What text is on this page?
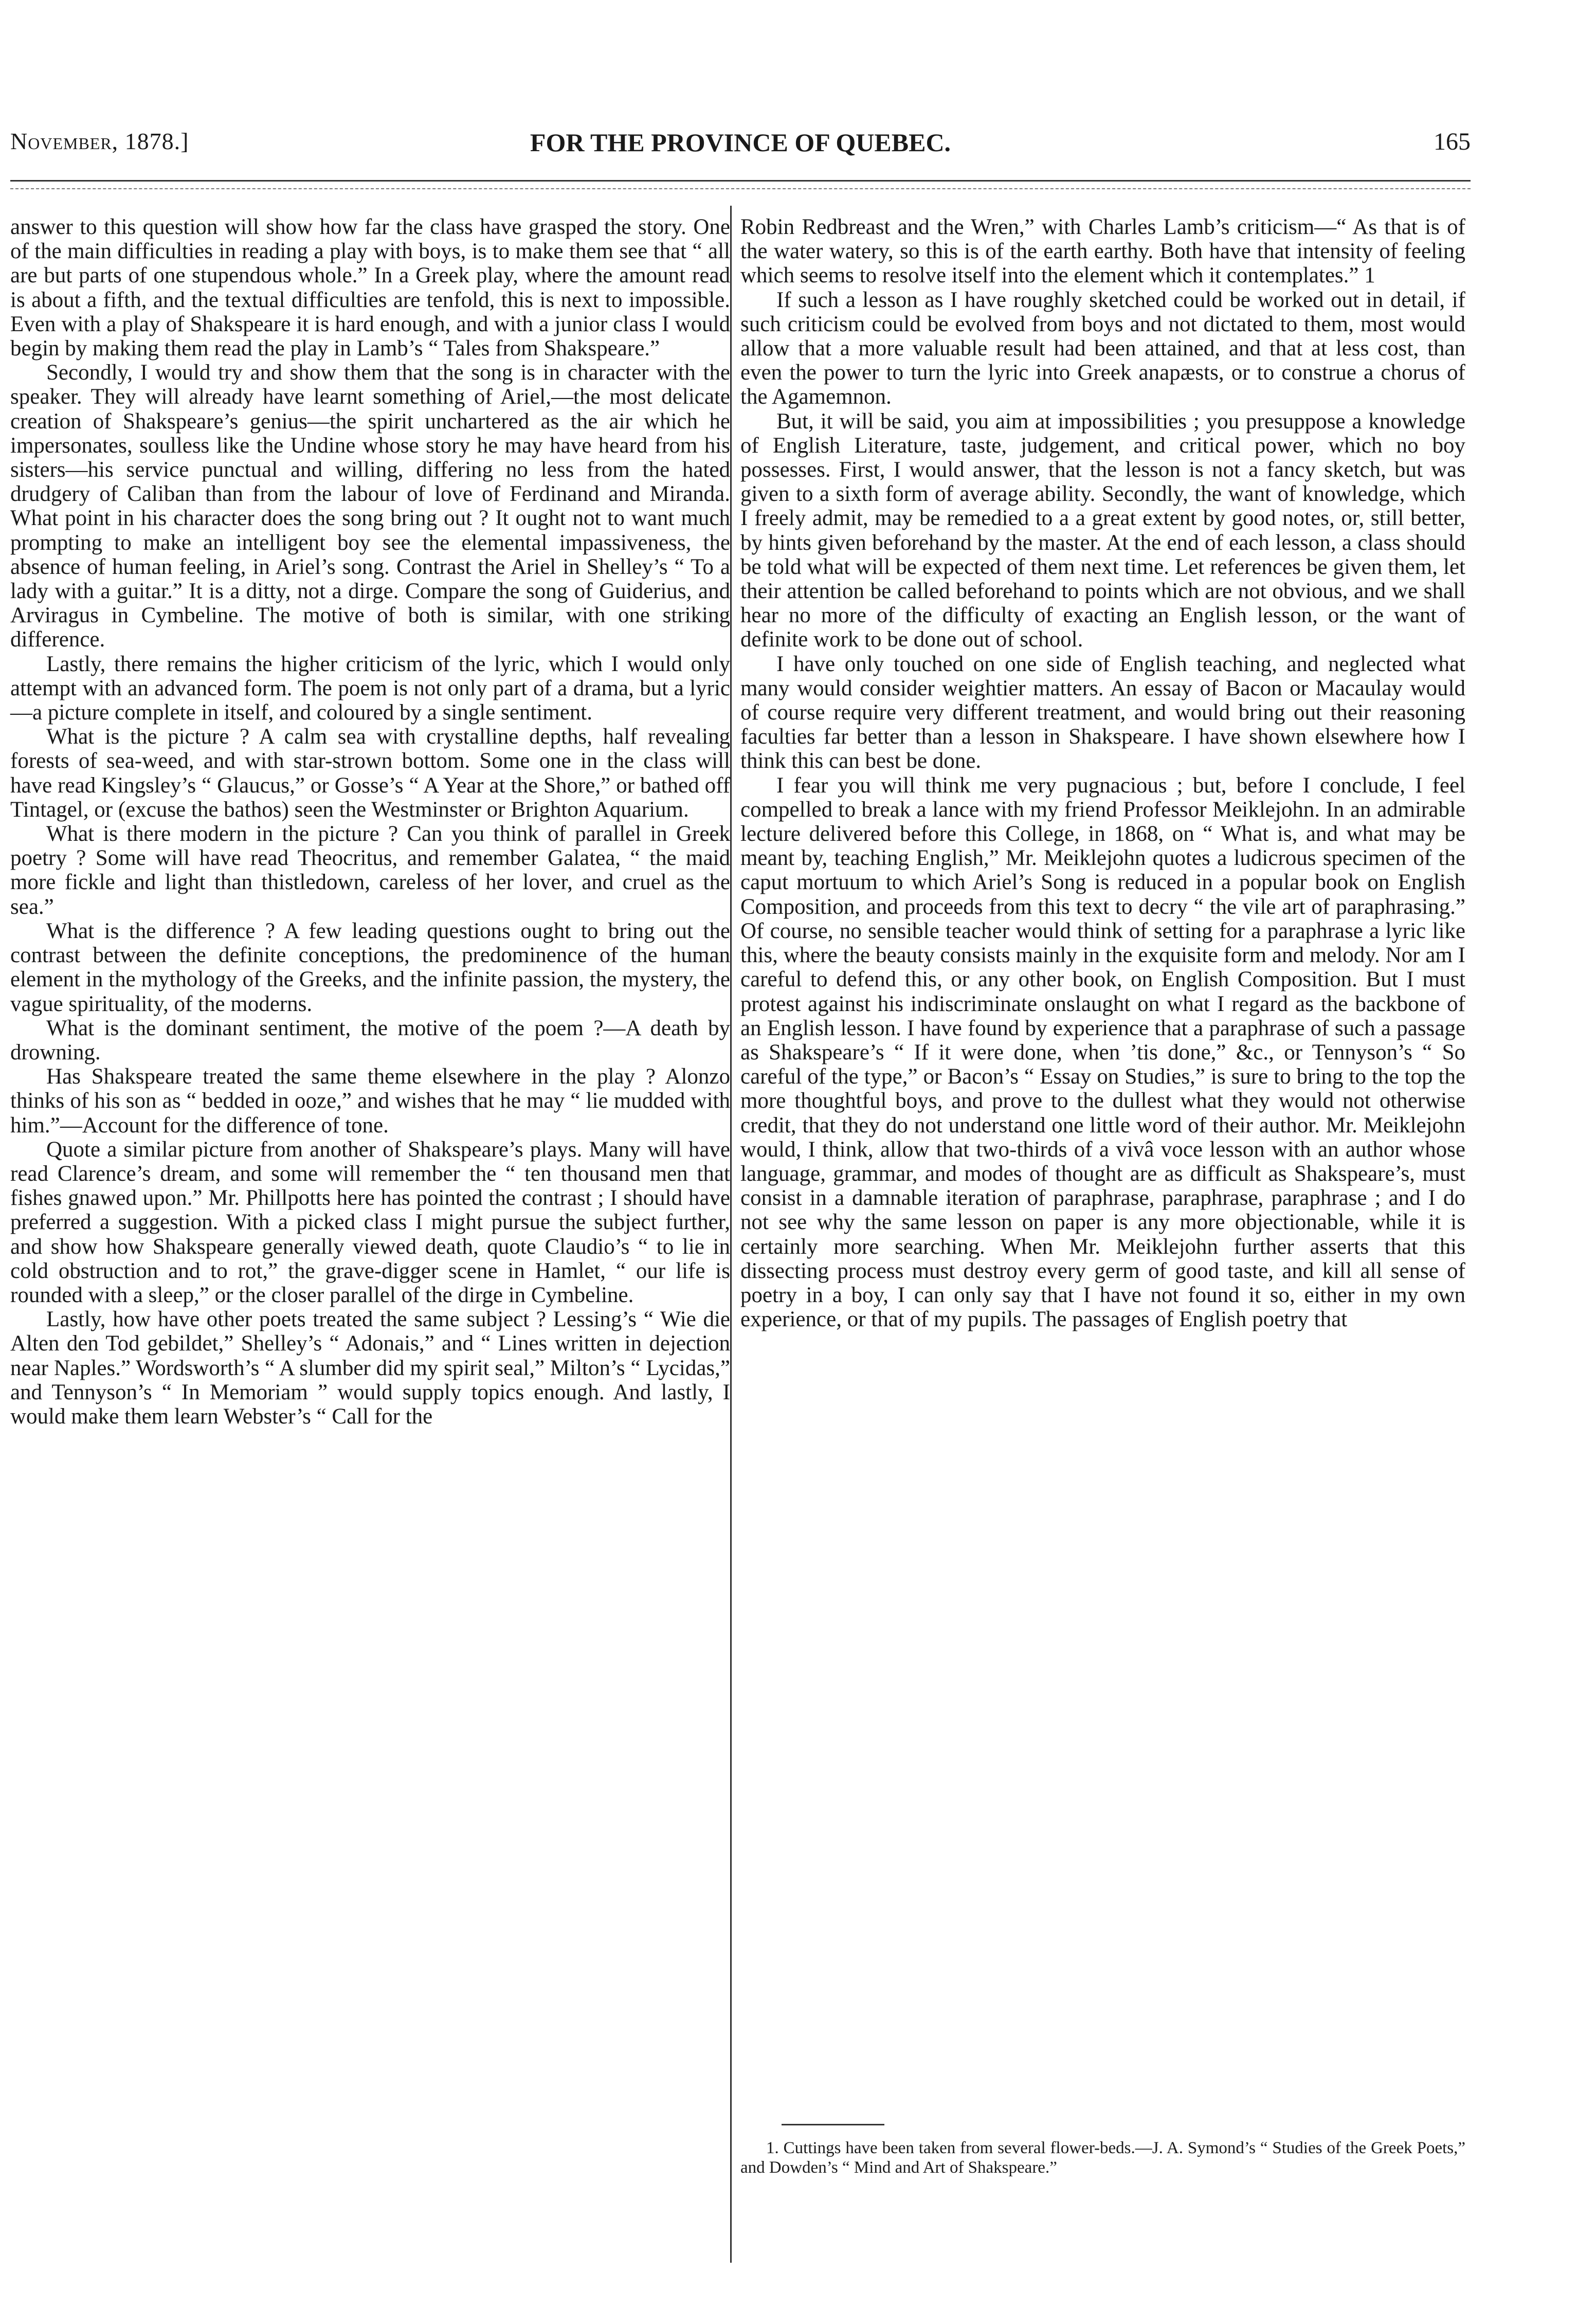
November, 1878.]	FOR THE PROVINCE OF QUEBEC.	165

answer to this question will show how far the class have grasped the story. One of the main difficulties in reading a play with boys, is to make them see that “ all are but parts of one stupendous whole.” In a Greek play, where the amount read is about a fifth, and the textual difficulties are tenfold, this is next to impossible. Even with a play of Shakspeare it is hard enough, and with a junior class I would begin by making them read the play in Lamb’s “ Tales from Shakspeare.”

Secondly, I would try and show them that the song is in character with the speaker. They will already have learnt something of Ariel,—the most delicate creation of Shakspeare’s genius—the spirit unchartered as the air which he impersonates, soulless like the Undine whose story he may have heard from his sisters—his service punctual and willing, differing no less from the hated drudgery of Caliban than from the labour of love of Ferdinand and Miranda. What point in his character does the song bring out ? It ought not to want much prompting to make an intelligent boy see the elemental impassiveness, the absence of human feeling, in Ariel’s song. Contrast the Ariel in Shelley’s “ To a lady with a guitar.” It is a ditty, not a dirge. Compare the song of Guiderius, and Arviragus in Cymbeline. The motive of both is similar, with one striking difference.

Lastly, there remains the higher criticism of the lyric, which I would only attempt with an advanced form. The poem is not only part of a drama, but a lyric—a picture complete in itself, and coloured by a single sentiment.

What is the picture ? A calm sea with crystalline depths, half revealing forests of sea-weed, and with star-strown bottom. Some one in the class will have read Kingsley’s “ Glaucus,” or Gosse’s “ A Year at the Shore,” or bathed off Tintagel, or (excuse the bathos) seen the Westminster or Brighton Aquarium.

What is there modern in the picture ? Can you think of parallel in Greek poetry ? Some will have read Theocritus, and remember Galatea, “ the maid more fickle and light than thistledown, careless of her lover, and cruel as the sea.”

What is the difference ? A few leading questions ought to bring out the contrast between the definite conceptions, the predominence of the human element in the mythology of the Greeks, and the infinite passion, the mystery, the vague spirituality, of the moderns.

What is the dominant sentiment, the motive of the poem ?—A death by drowning.

Has Shakspeare treated the same theme elsewhere in the play ? Alonzo thinks of his son as “ bedded in ooze,” and wishes that he may “ lie mudded with him.”—Account for the difference of tone.

Quote a similar picture from another of Shakspeare’s plays. Many will have read Clarence’s dream, and some will remember the “ ten thousand men that fishes gnawed upon.” Mr. Phillpotts here has pointed the contrast ; I should have preferred a suggestion. With a picked class I might pursue the subject further, and show how Shakspeare generally viewed death, quote Claudio’s “ to lie in cold obstruction and to rot,” the grave-digger scene in Hamlet, “ our life is rounded with a sleep,” or the closer parallel of the dirge in Cymbeline.

Lastly, how have other poets treated the same subject ? Lessing’s “ Wie die Alten den Tod gebildet,” Shelley’s “ Adonais,” and “ Lines written in dejection near Naples.” Wordsworth’s “ A slumber did my spirit seal,” Milton’s “ Lycidas,” and Tennyson’s “ In Memoriam ” would supply topics enough. And lastly, I would make them learn Webster’s “ Call for the

Robin Redbreast and the Wren,” with Charles Lamb’s criticism—“ As that is of the water watery, so this is of the earth earthy. Both have that intensity of feeling which seems to resolve itself into the element which it contemplates.” 1

If such a lesson as I have roughly sketched could be worked out in detail, if such criticism could be evolved from boys and not dictated to them, most would allow that a more valuable result had been attained, and that at less cost, than even the power to turn the lyric into Greek anapæsts, or to construe a chorus of the Agamemnon.

But, it will be said, you aim at impossibilities ; you presuppose a knowledge of English Literature, taste, judgement, and critical power, which no boy possesses. First, I would answer, that the lesson is not a fancy sketch, but was given to a sixth form of average ability. Secondly, the want of knowledge, which I freely admit, may be remedied to a a great extent by good notes, or, still better, by hints given beforehand by the master. At the end of each lesson, a class should be told what will be expected of them next time. Let references be given them, let their attention be called beforehand to points which are not obvious, and we shall hear no more of the difficulty of exacting an English lesson, or the want of definite work to be done out of school.

I have only touched on one side of English teaching, and neglected what many would consider weightier matters. An essay of Bacon or Macaulay would of course require very different treatment, and would bring out their reasoning faculties far better than a lesson in Shakspeare. I have shown elsewhere how I think this can best be done.

I fear you will think me very pugnacious ; but, before I conclude, I feel compelled to break a lance with my friend Professor Meiklejohn. In an admirable lecture delivered before this College, in 1868, on “ What is, and what may be meant by, teaching English,” Mr. Meiklejohn quotes a ludicrous specimen of the caput mortuum to which Ariel’s Song is reduced in a popular book on English Composition, and proceeds from this text to decry “ the vile art of paraphrasing.” Of course, no sensible teacher would think of setting for a paraphrase a lyric like this, where the beauty consists mainly in the exquisite form and melody. Nor am I careful to defend this, or any other book, on English Composition. But I must protest against his indiscriminate onslaught on what I regard as the backbone of an English lesson. I have found by experience that a paraphrase of such a passage as Shakspeare’s “ If it were done, when ’tis done,” &c., or Tennyson’s “ So careful of the type,” or Bacon’s “ Essay on Studies,” is sure to bring to the top the more thoughtful boys, and prove to the dullest what they would not otherwise credit, that they do not understand one little word of their author. Mr. Meiklejohn would, I think, allow that two-thirds of a vivâ voce lesson with an author whose language, grammar, and modes of thought are as difficult as Shakspeare’s, must consist in a damnable iteration of paraphrase, paraphrase, paraphrase ; and I do not see why the same lesson on paper is any more objectionable, while it is certainly more searching. When Mr. Meiklejohn further asserts that this dissecting process must destroy every germ of good taste, and kill all sense of poetry in a boy, I can only say that I have not found it so, either in my own experience, or that of my pupils. The passages of English poetry that

1. Cuttings have been taken from several flower-beds.—J. A. Symond’s “ Studies of the Greek Poets,” and Dowden’s “ Mind and Art of Shakspeare.”
